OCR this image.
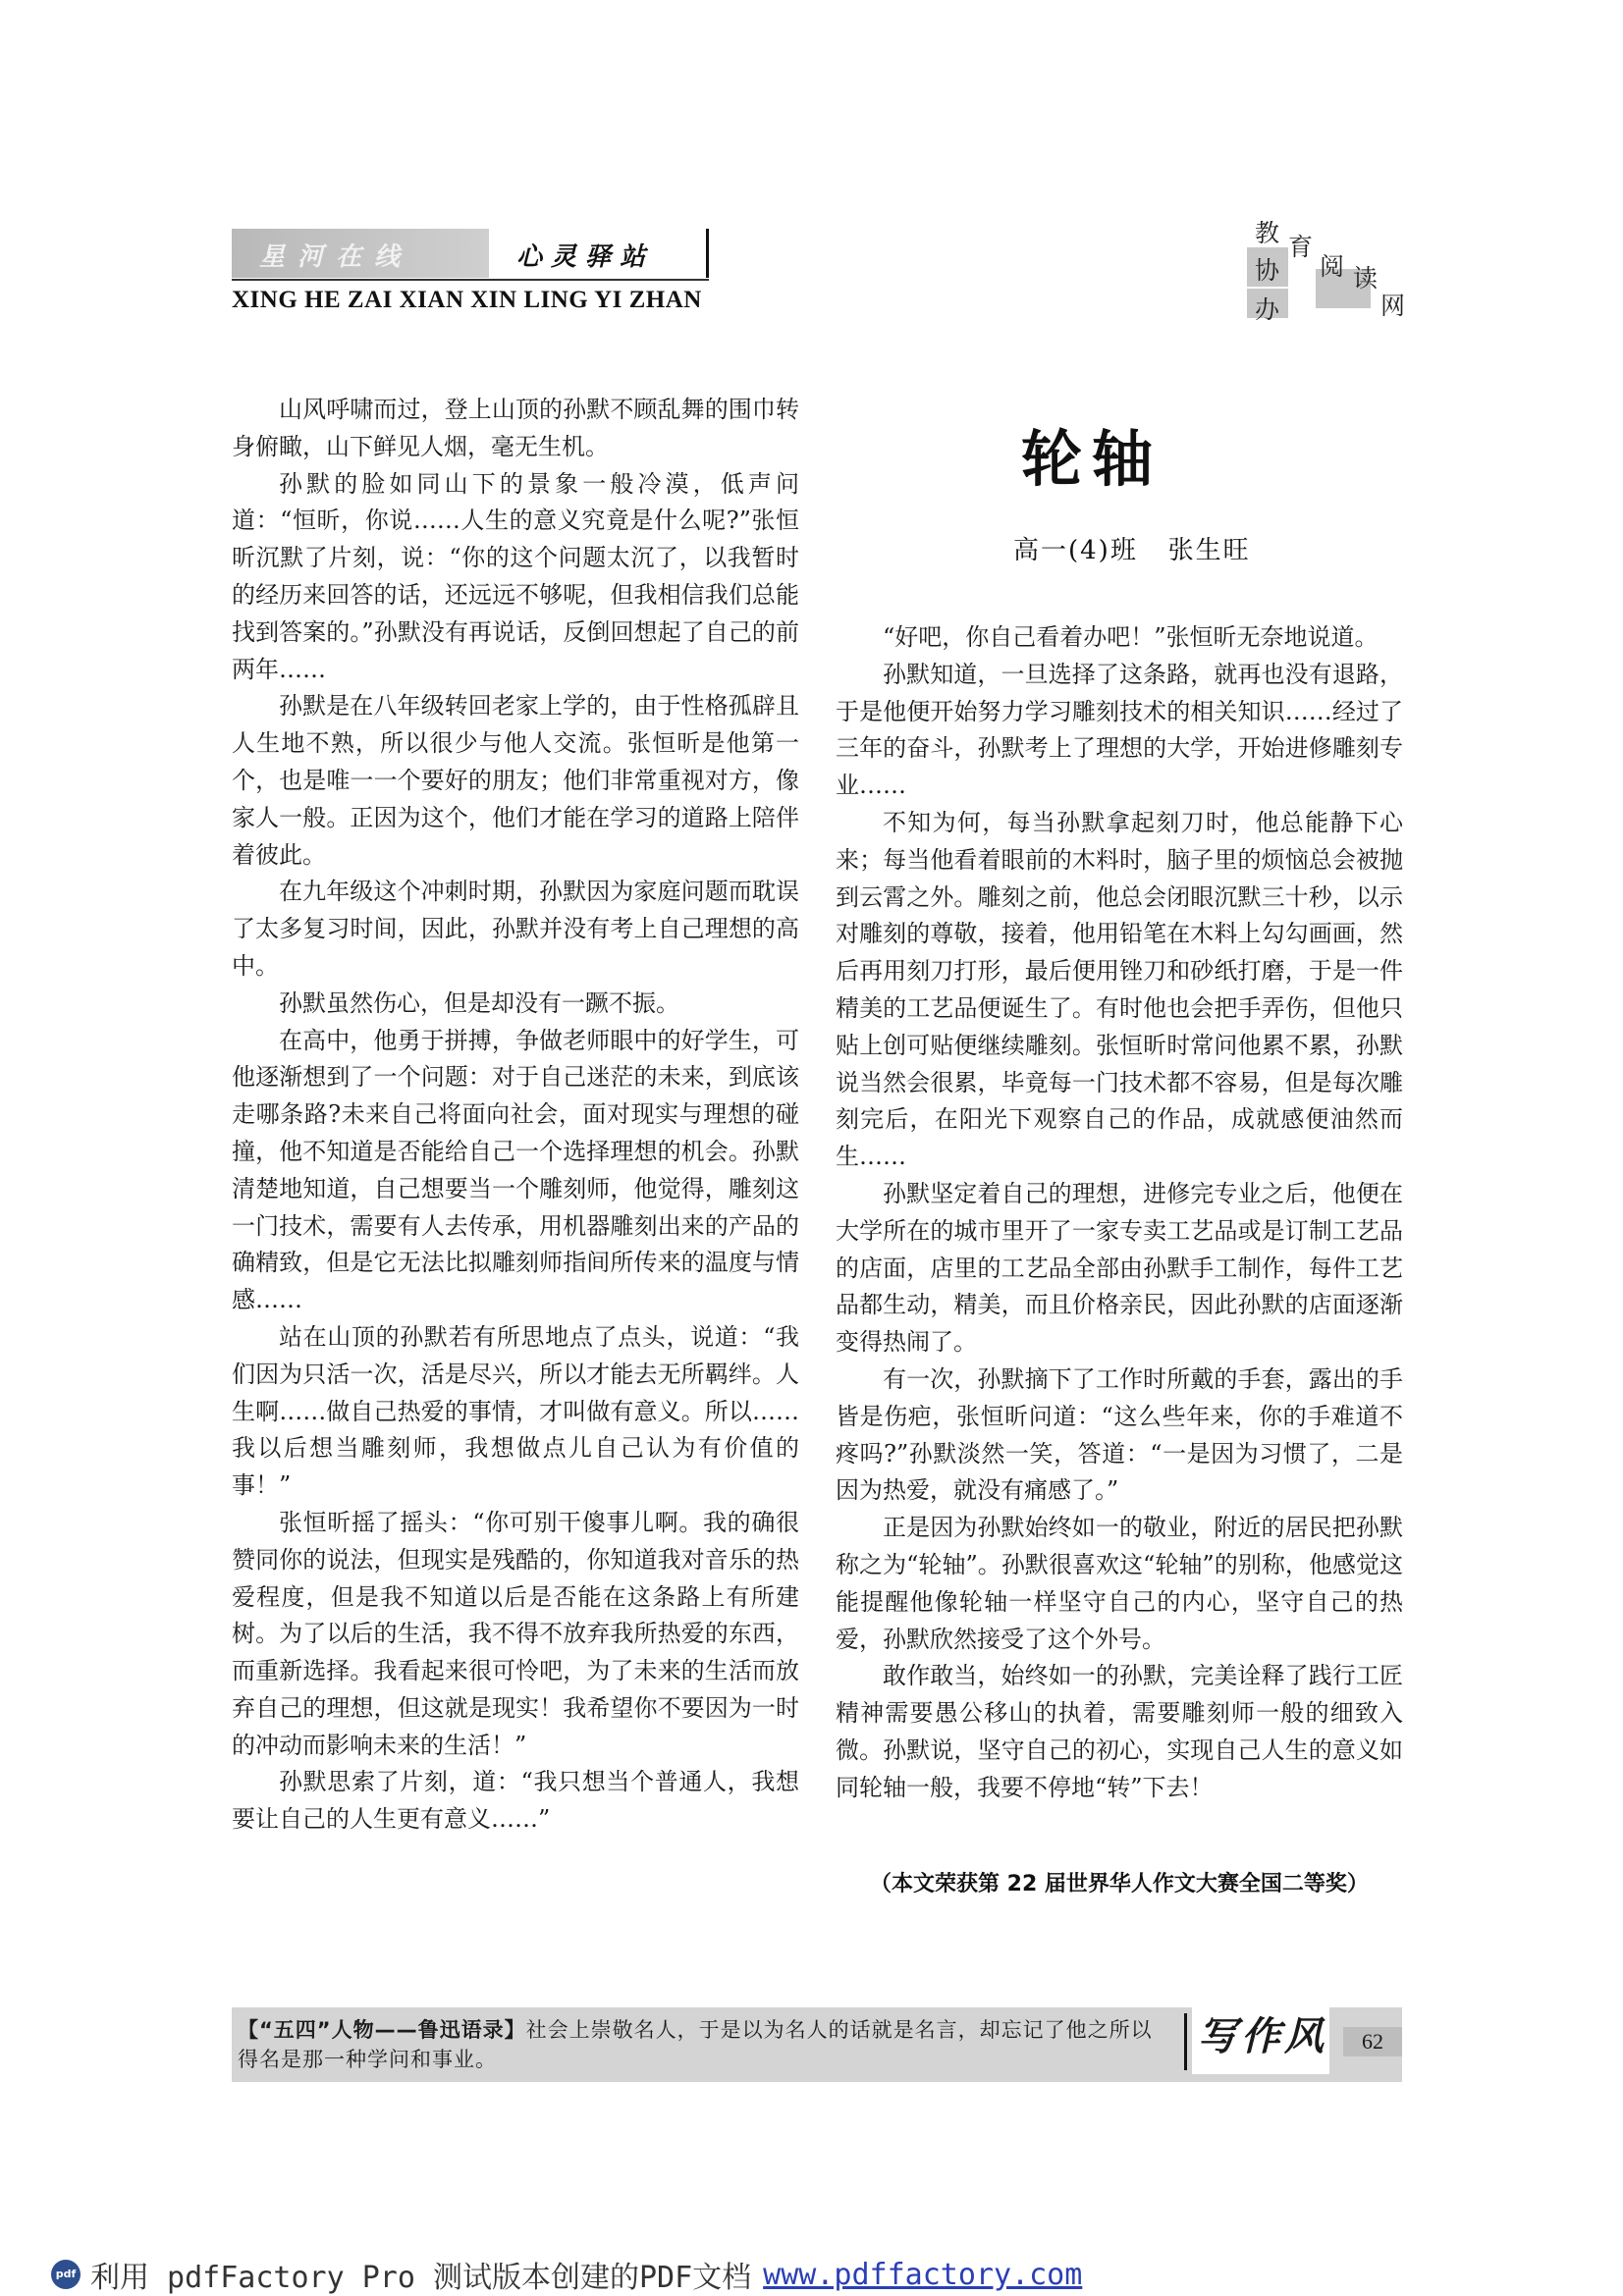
星 河 在 线	心 灵 驿 站
XING HE ZAI XIAN XIN LING YI ZHAN
教 育
协 阅 读
办	网

山风呼啸而过，登上山顶的孙默不顾乱舞的围巾转身俯瞰，山下鲜见人烟，毫无生机。

孙默的脸如同山下的景象一般冷漠，低声问道：“恒昕，你说……人生的意义究竟是什么呢?”张恒昕沉默了片刻，说：“你的这个问题太沉了，以我暂时的经历来回答的话，还远远不够呢，但我相信我们总能找到答案的。”孙默没有再说话，反倒回想起了自己的前两年……

孙默是在八年级转回老家上学的，由于性格孤辟且人生地不熟，所以很少与他人交流。张恒昕是他第一个，也是唯一一个要好的朋友；他们非常重视对方，像家人一般。正因为这个，他们才能在学习的道路上陪伴着彼此。

在九年级这个冲刺时期，孙默因为家庭问题而耽误了太多复习时间，因此，孙默并没有考上自己理想的高中。

孙默虽然伤心，但是却没有一蹶不振。

在高中，他勇于拼搏，争做老师眼中的好学生，可他逐渐想到了一个问题：对于自己迷茫的未来，到底该走哪条路?未来自己将面向社会，面对现实与理想的碰撞，他不知道是否能给自己一个选择理想的机会。孙默清楚地知道，自己想要当一个雕刻师，他觉得，雕刻这一门技术，需要有人去传承，用机器雕刻出来的产品的确精致，但是它无法比拟雕刻师指间所传来的温度与情感……

站在山顶的孙默若有所思地点了点头，说道：“我们因为只活一次，活是尽兴，所以才能去无所羁绊。人生啊……做自己热爱的事情，才叫做有意义。所以……我以后想当雕刻师，我想做点儿自己认为有价值的事！”

张恒昕摇了摇头：“你可别干傻事儿啊。我的确很赞同你的说法，但现实是残酷的，你知道我对音乐的热爱程度，但是我不知道以后是否能在这条路上有所建树。为了以后的生活，我不得不放弃我所热爱的东西，而重新选择。我看起来很可怜吧，为了未来的生活而放弃自己的理想，但这就是现实！我希望你不要因为一时的冲动而影响未来的生活！”

孙默思索了片刻，道：“我只想当个普通人，我想要让自己的人生更有意义……”

轮轴
高一(4)班   张生旺

“好吧，你自己看着办吧！”张恒昕无奈地说道。

孙默知道，一旦选择了这条路，就再也没有退路，于是他便开始努力学习雕刻技术的相关知识……经过了三年的奋斗，孙默考上了理想的大学，开始进修雕刻专业……

不知为何，每当孙默拿起刻刀时，他总能静下心来；每当他看着眼前的木料时，脑子里的烦恼总会被抛到云霄之外。雕刻之前，他总会闭眼沉默三十秒，以示对雕刻的尊敬，接着，他用铅笔在木料上勾勾画画，然后再用刻刀打形，最后便用锉刀和砂纸打磨，于是一件精美的工艺品便诞生了。有时他也会把手弄伤，但他只贴上创可贴便继续雕刻。张恒昕时常问他累不累，孙默说当然会很累，毕竟每一门技术都不容易，但是每次雕刻完后，在阳光下观察自己的作品，成就感便油然而生……

孙默坚定着自己的理想，进修完专业之后，他便在大学所在的城市里开了一家专卖工艺品或是订制工艺品的店面，店里的工艺品全部由孙默手工制作，每件工艺品都生动，精美，而且价格亲民，因此孙默的店面逐渐变得热闹了。

有一次，孙默摘下了工作时所戴的手套，露出的手皆是伤疤，张恒昕问道：“这么些年来，你的手难道不疼吗?”孙默淡然一笑，答道：“一是因为习惯了，二是因为热爱，就没有痛感了。”

正是因为孙默始终如一的敬业，附近的居民把孙默称之为“轮轴”。孙默很喜欢这“轮轴”的别称，他感觉这能提醒他像轮轴一样坚守自己的内心，坚守自己的热爱，孙默欣然接受了这个外号。

敢作敢当，始终如一的孙默，完美诠释了践行工匠精神需要愚公移山的执着，需要雕刻师一般的细致入微。孙默说，坚守自己的初心，实现自己人生的意义如同轮轴一般，我要不停地“转”下去！

（本文荣获第 22 届世界华人作文大赛全国二等奖）
【“五四”人物——鲁迅语录】社会上崇敬名人，于是以为名人的话就是名言，却忘记了他之所以得名是那一种学问和事业。	写作风	62
pdf 利用 pdfFactory Pro 测试版本创建的PDF文档 www.pdffactory.com
